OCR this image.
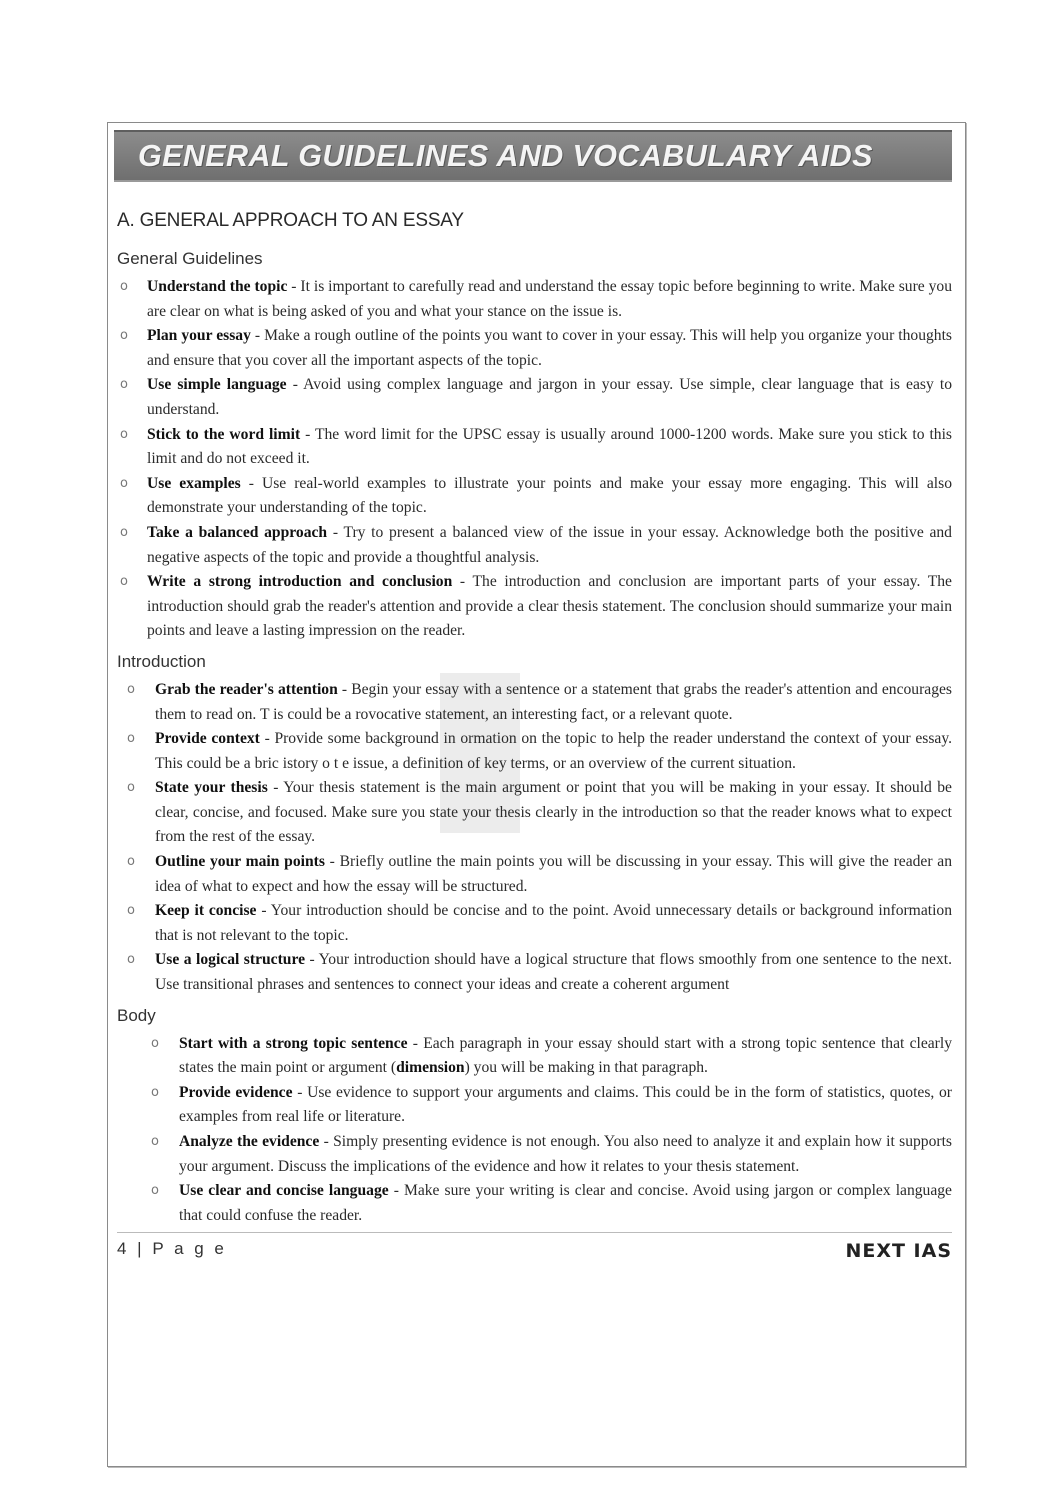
GENERAL GUIDELINES AND VOCABULARY AIDS
A. GENERAL APPROACH TO AN ESSAY
General Guidelines
o Understand the topic - It is important to carefully read and understand the essay topic before beginning to write. Make sure you are clear on what is being asked of you and what your stance on the issue is.
o Plan your essay - Make a rough outline of the points you want to cover in your essay. This will help you organize your thoughts and ensure that you cover all the important aspects of the topic.
o Use simple language - Avoid using complex language and jargon in your essay. Use simple, clear language that is easy to understand.
o Stick to the word limit - The word limit for the UPSC essay is usually around 1000-1200 words. Make sure you stick to this limit and do not exceed it.
o Use examples - Use real-world examples to illustrate your points and make your essay more engaging. This will also demonstrate your understanding of the topic.
o Take a balanced approach - Try to present a balanced view of the issue in your essay. Acknowledge both the positive and negative aspects of the topic and provide a thoughtful analysis.
o Write a strong introduction and conclusion - The introduction and conclusion are important parts of your essay. The introduction should grab the reader's attention and provide a clear thesis statement. The conclusion should summarize your main points and leave a lasting impression on the reader.
Introduction
o Grab the reader's attention - Begin your essay with a sentence or a statement that grabs the reader's attention and encourages them to read on. T is could be a rovocative statement, an interesting fact, or a relevant quote.
o Provide context - Provide some background in ormation on the topic to help the reader understand the context of your essay. This could be a bric istory o t e issue, a definition of key terms, or an overview of the current situation.
o State your thesis - Your thesis statement is the main argument or point that you will be making in your essay. It should be clear, concise, and focused. Make sure you state your thesis clearly in the introduction so that the reader knows what to expect from the rest of the essay.
o Outline your main points - Briefly outline the main points you will be discussing in your essay. This will give the reader an idea of what to expect and how the essay will be structured.
o Keep it concise - Your introduction should be concise and to the point. Avoid unnecessary details or background information that is not relevant to the topic.
o Use a logical structure - Your introduction should have a logical structure that flows smoothly from one sentence to the next. Use transitional phrases and sentences to connect your ideas and create a coherent argument
Body
o Start with a strong topic sentence - Each paragraph in your essay should start with a strong topic sentence that clearly states the main point or argument (dimension) you will be making in that paragraph.
o Provide evidence - Use evidence to support your arguments and claims. This could be in the form of statistics, quotes, or examples from real life or literature.
o Analyze the evidence - Simply presenting evidence is not enough. You also need to analyze it and explain how it supports your argument. Discuss the implications of the evidence and how it relates to your thesis statement.
o Use clear and concise language - Make sure your writing is clear and concise. Avoid using jargon or complex language that could confuse the reader.
4 | P a g e	NEXT IAS
